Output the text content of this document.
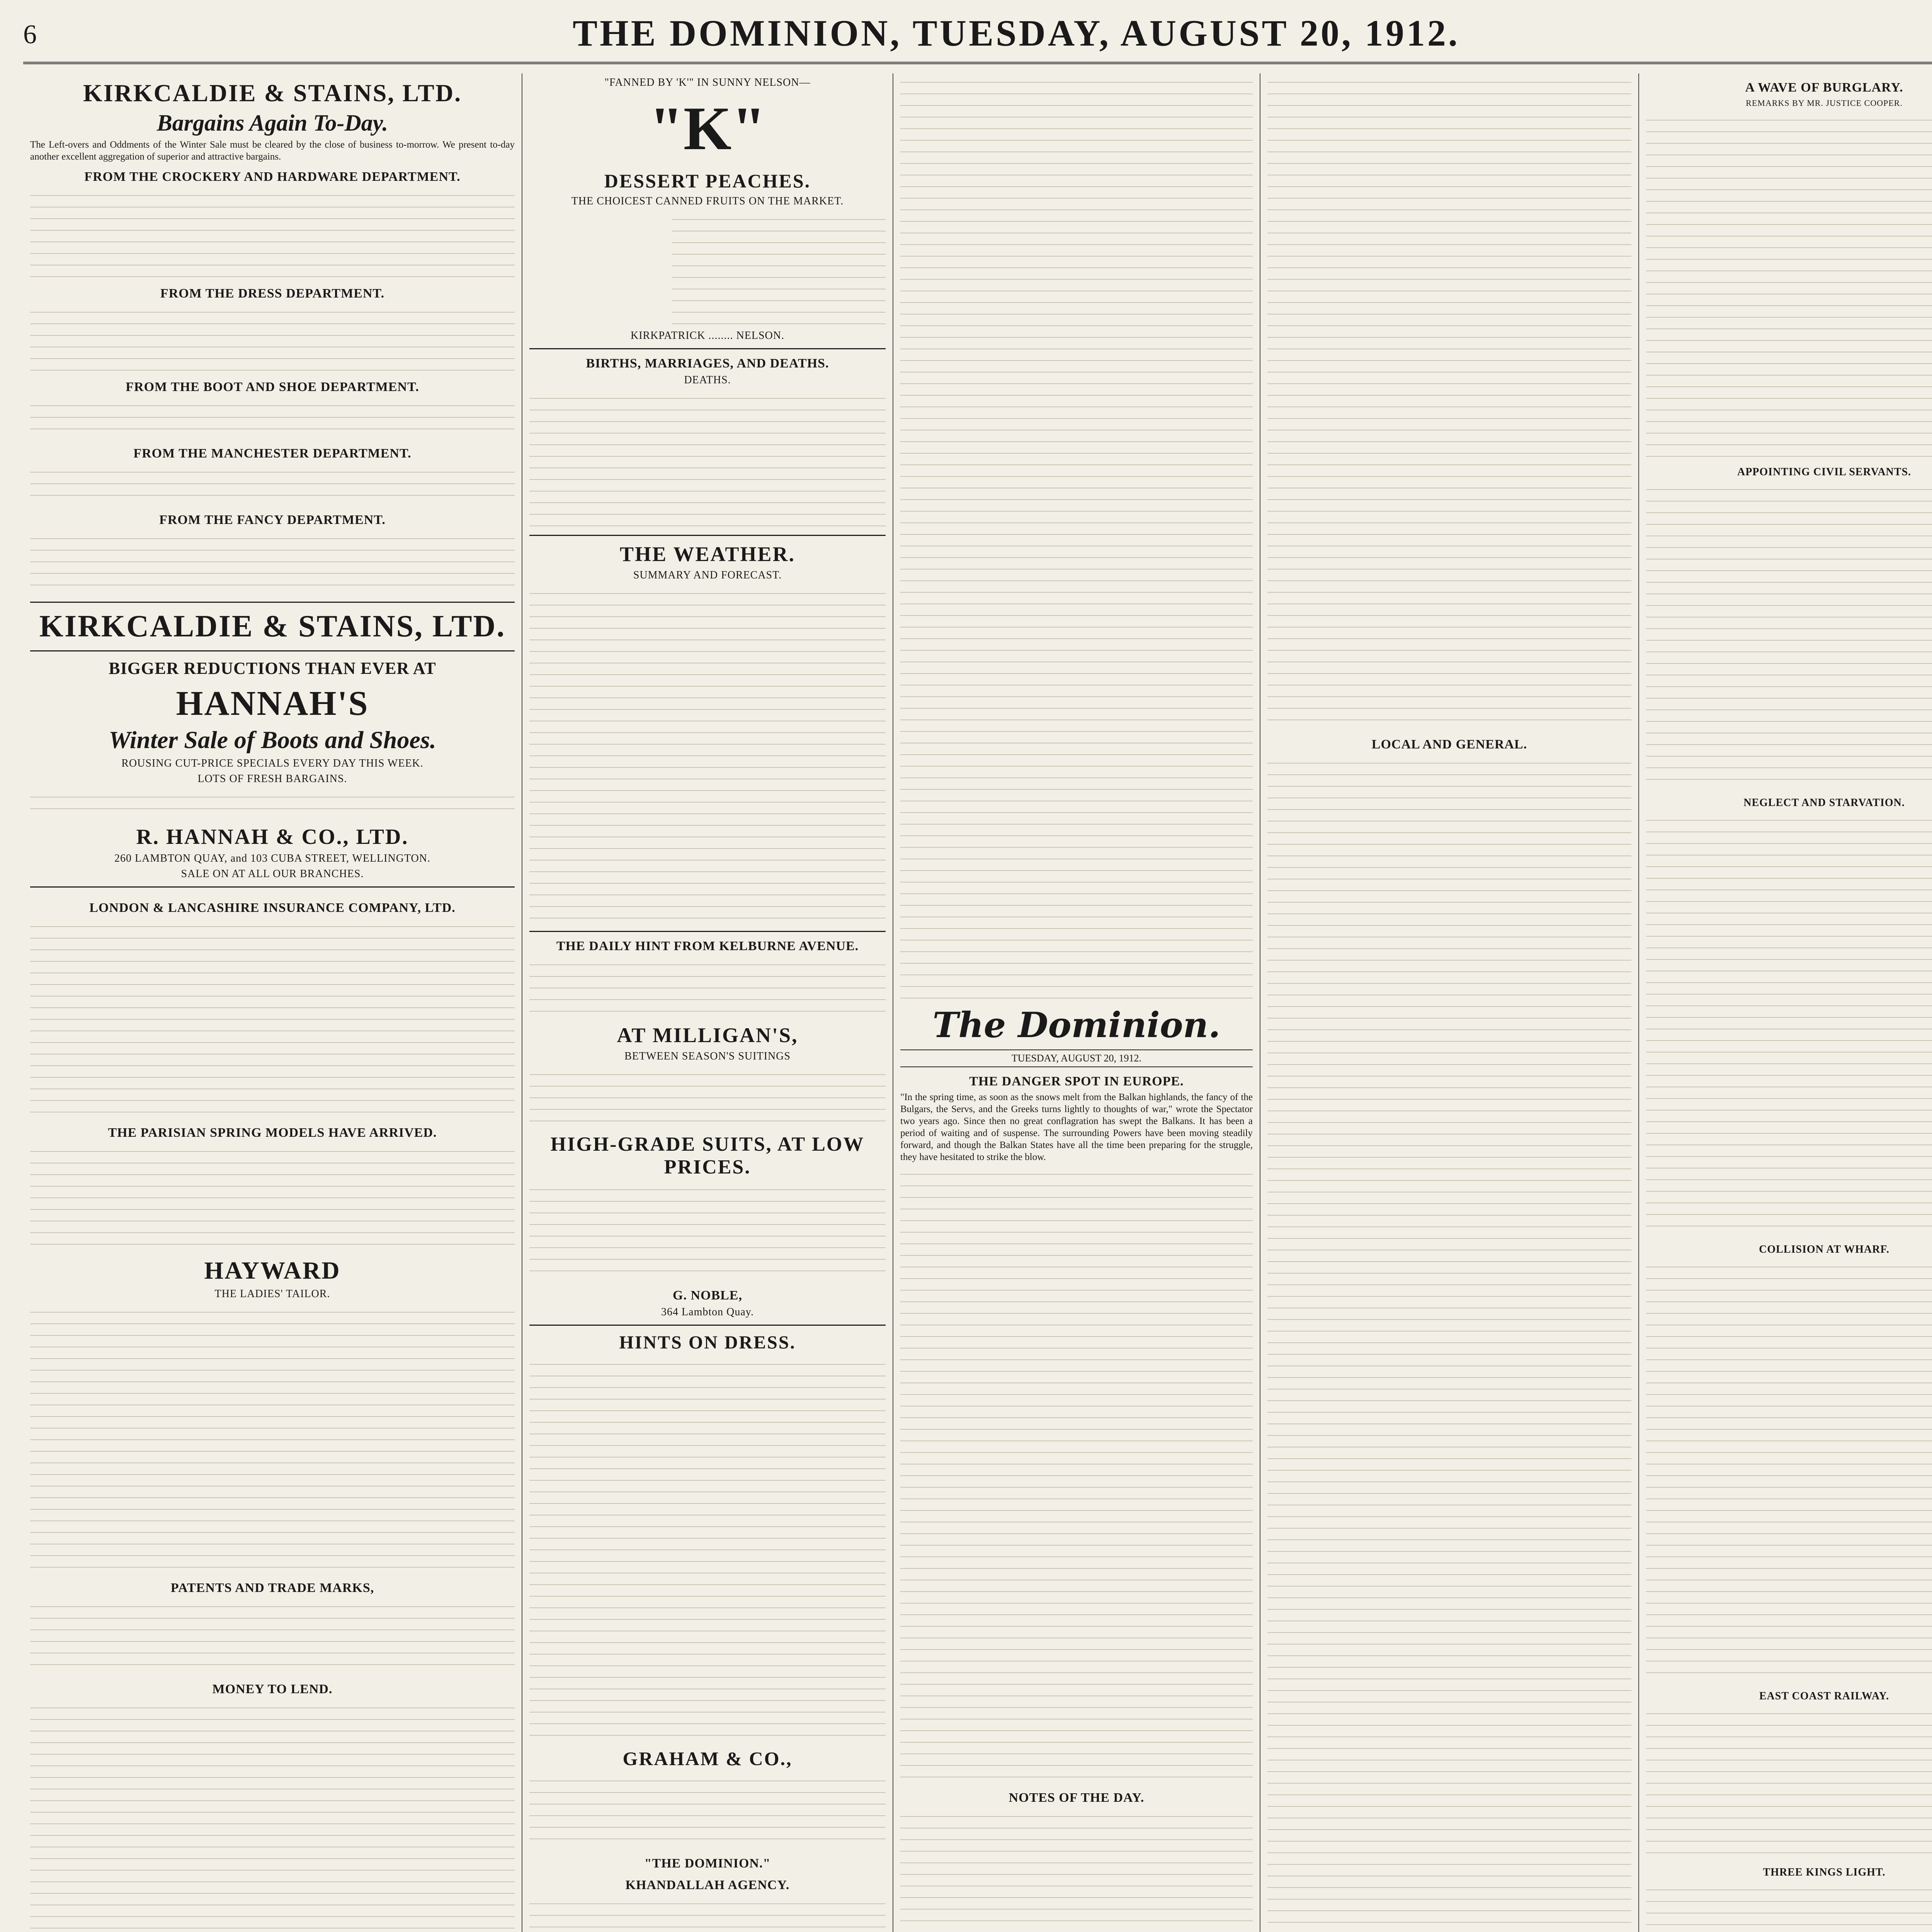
6	THE DOMINION, TUESDAY, AUGUST 20, 1912.
KIRKCALDIE & STAINS, LTD.
Bargains Again To-Day.
The Left-overs and Oddments of the Winter Sale must be cleared by the close of business to-morrow. We present to-day another excellent aggregation of superior and attractive bargains.
FROM THE CROCKERY AND HARDWARE DEPARTMENT.
FROM THE DRESS DEPARTMENT.
FROM THE BOOT AND SHOE DEPARTMENT.
FROM THE MANCHESTER DEPARTMENT.
FROM THE FANCY DEPARTMENT.
KIRKCALDIE & STAINS, LTD.
BIGGER REDUCTIONS THAN EVER AT
HANNAH'S
Winter Sale of Boots and Shoes.
ROUSING CUT-PRICE SPECIALS EVERY DAY THIS WEEK.
LOTS OF FRESH BARGAINS.
R. HANNAH & CO., LTD.
260 LAMBTON QUAY, and 103 CUBA STREET, WELLINGTON.
SALE ON AT ALL OUR BRANCHES.
LONDON & LANCASHIRE INSURANCE COMPANY, LTD.
THE PARISIAN SPRING MODELS HAVE ARRIVED.
HAYWARD
THE LADIES' TAILOR.
PATENTS AND TRADE MARKS,
MONEY TO LEND.
"FANNED BY 'K'" IN SUNNY NELSON—
"K"
DESSERT PEACHES.
THE CHOICEST CANNED FRUITS ON THE MARKET.
KIRKPATRICK ........ NELSON.
BIRTHS, MARRIAGES, AND DEATHS.
DEATHS.
THE WEATHER.
SUMMARY AND FORECAST.
THE DAILY HINT FROM KELBURNE AVENUE.
AT MILLIGAN'S,
BETWEEN SEASON'S SUITINGS
HIGH-GRADE SUITS, AT LOW PRICES.
G. NOBLE,
364 Lambton Quay.
HINTS ON DRESS.
GRAHAM & CO.,
"THE DOMINION."
KHANDALLAH AGENCY.
The Dominion.
TUESDAY, AUGUST 20, 1912.
THE DANGER SPOT IN EUROPE.
"In the spring time, as soon as the snows melt from the Balkan highlands, the fancy of the Bulgars, the Servs, and the Greeks turns lightly to thoughts of war," wrote the Spectator two years ago. Since then no great conflagration has swept the Balkans. It has been a period of waiting and of suspense. The surrounding Powers have been moving steadily forward, and though the Balkan States have all the time been preparing for the struggle, they have hesitated to strike the blow.
NOTES OF THE DAY.
LOCAL AND GENERAL.
A WAVE OF BURGLARY.
REMARKS BY MR. JUSTICE COOPER.
APPOINTING CIVIL SERVANTS.
NEGLECT AND STARVATION.
COLLISION AT WHARF.
EAST COAST RAILWAY.
THREE KINGS LIGHT.
